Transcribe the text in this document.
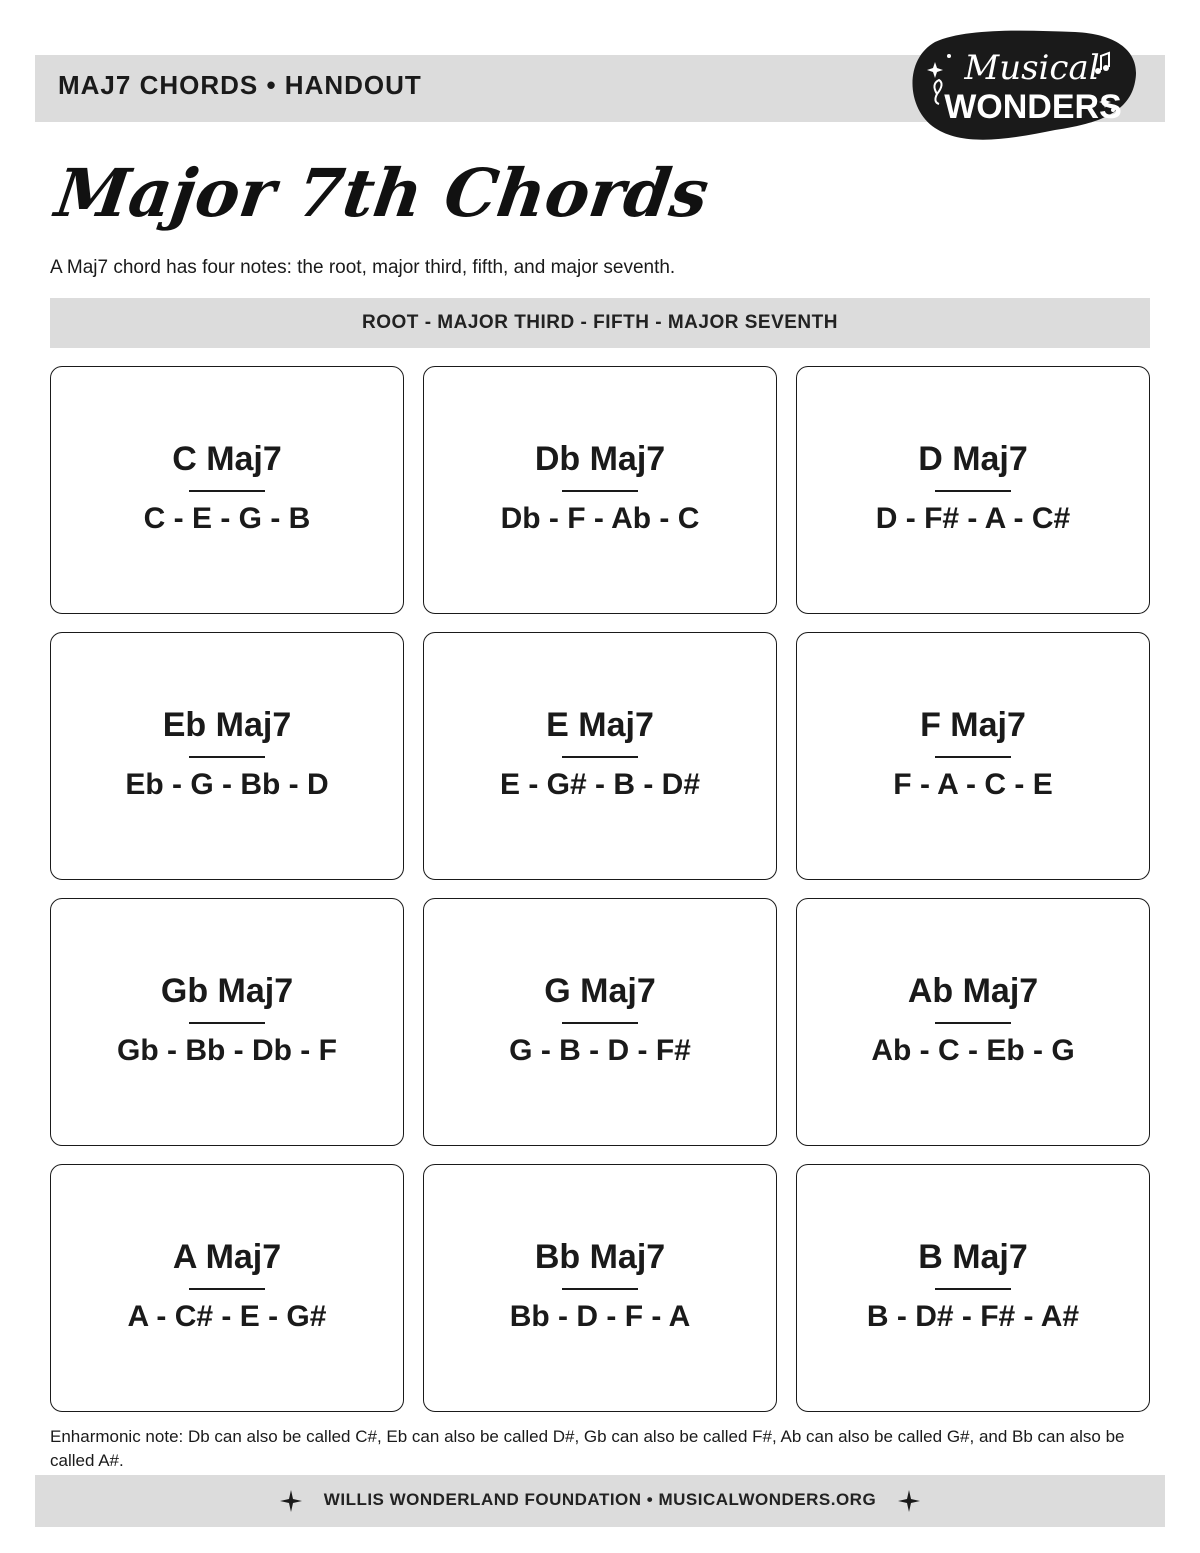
MAJ7 CHORDS • HANDOUT	Musical
WONDERS
Major 7th Chords
A Maj7 chord has four notes: the root, major third, fifth, and major seventh.
ROOT - MAJOR THIRD - FIFTH - MAJOR SEVENTH
C Maj7
C - E - G - B
Db Maj7
Db - F - Ab - C
D Maj7
D - F# - A - C#
Eb Maj7
Eb - G - Bb - D
E Maj7
E - G# - B - D#
F Maj7
F - A - C - E
Gb Maj7
Gb - Bb - Db - F
G Maj7
G - B - D - F#
Ab Maj7
Ab - C - Eb - G
A Maj7
A - C# - E - G#
Bb Maj7
Bb - D - F - A
B Maj7
B - D# - F# - A#
Enharmonic note: Db can also be called C#, Eb can also be called D#, Gb can also be called F#, Ab can also be called G#, and Bb can also be called A#.
WILLIS WONDERLAND FOUNDATION • MUSICALWONDERS.ORG
